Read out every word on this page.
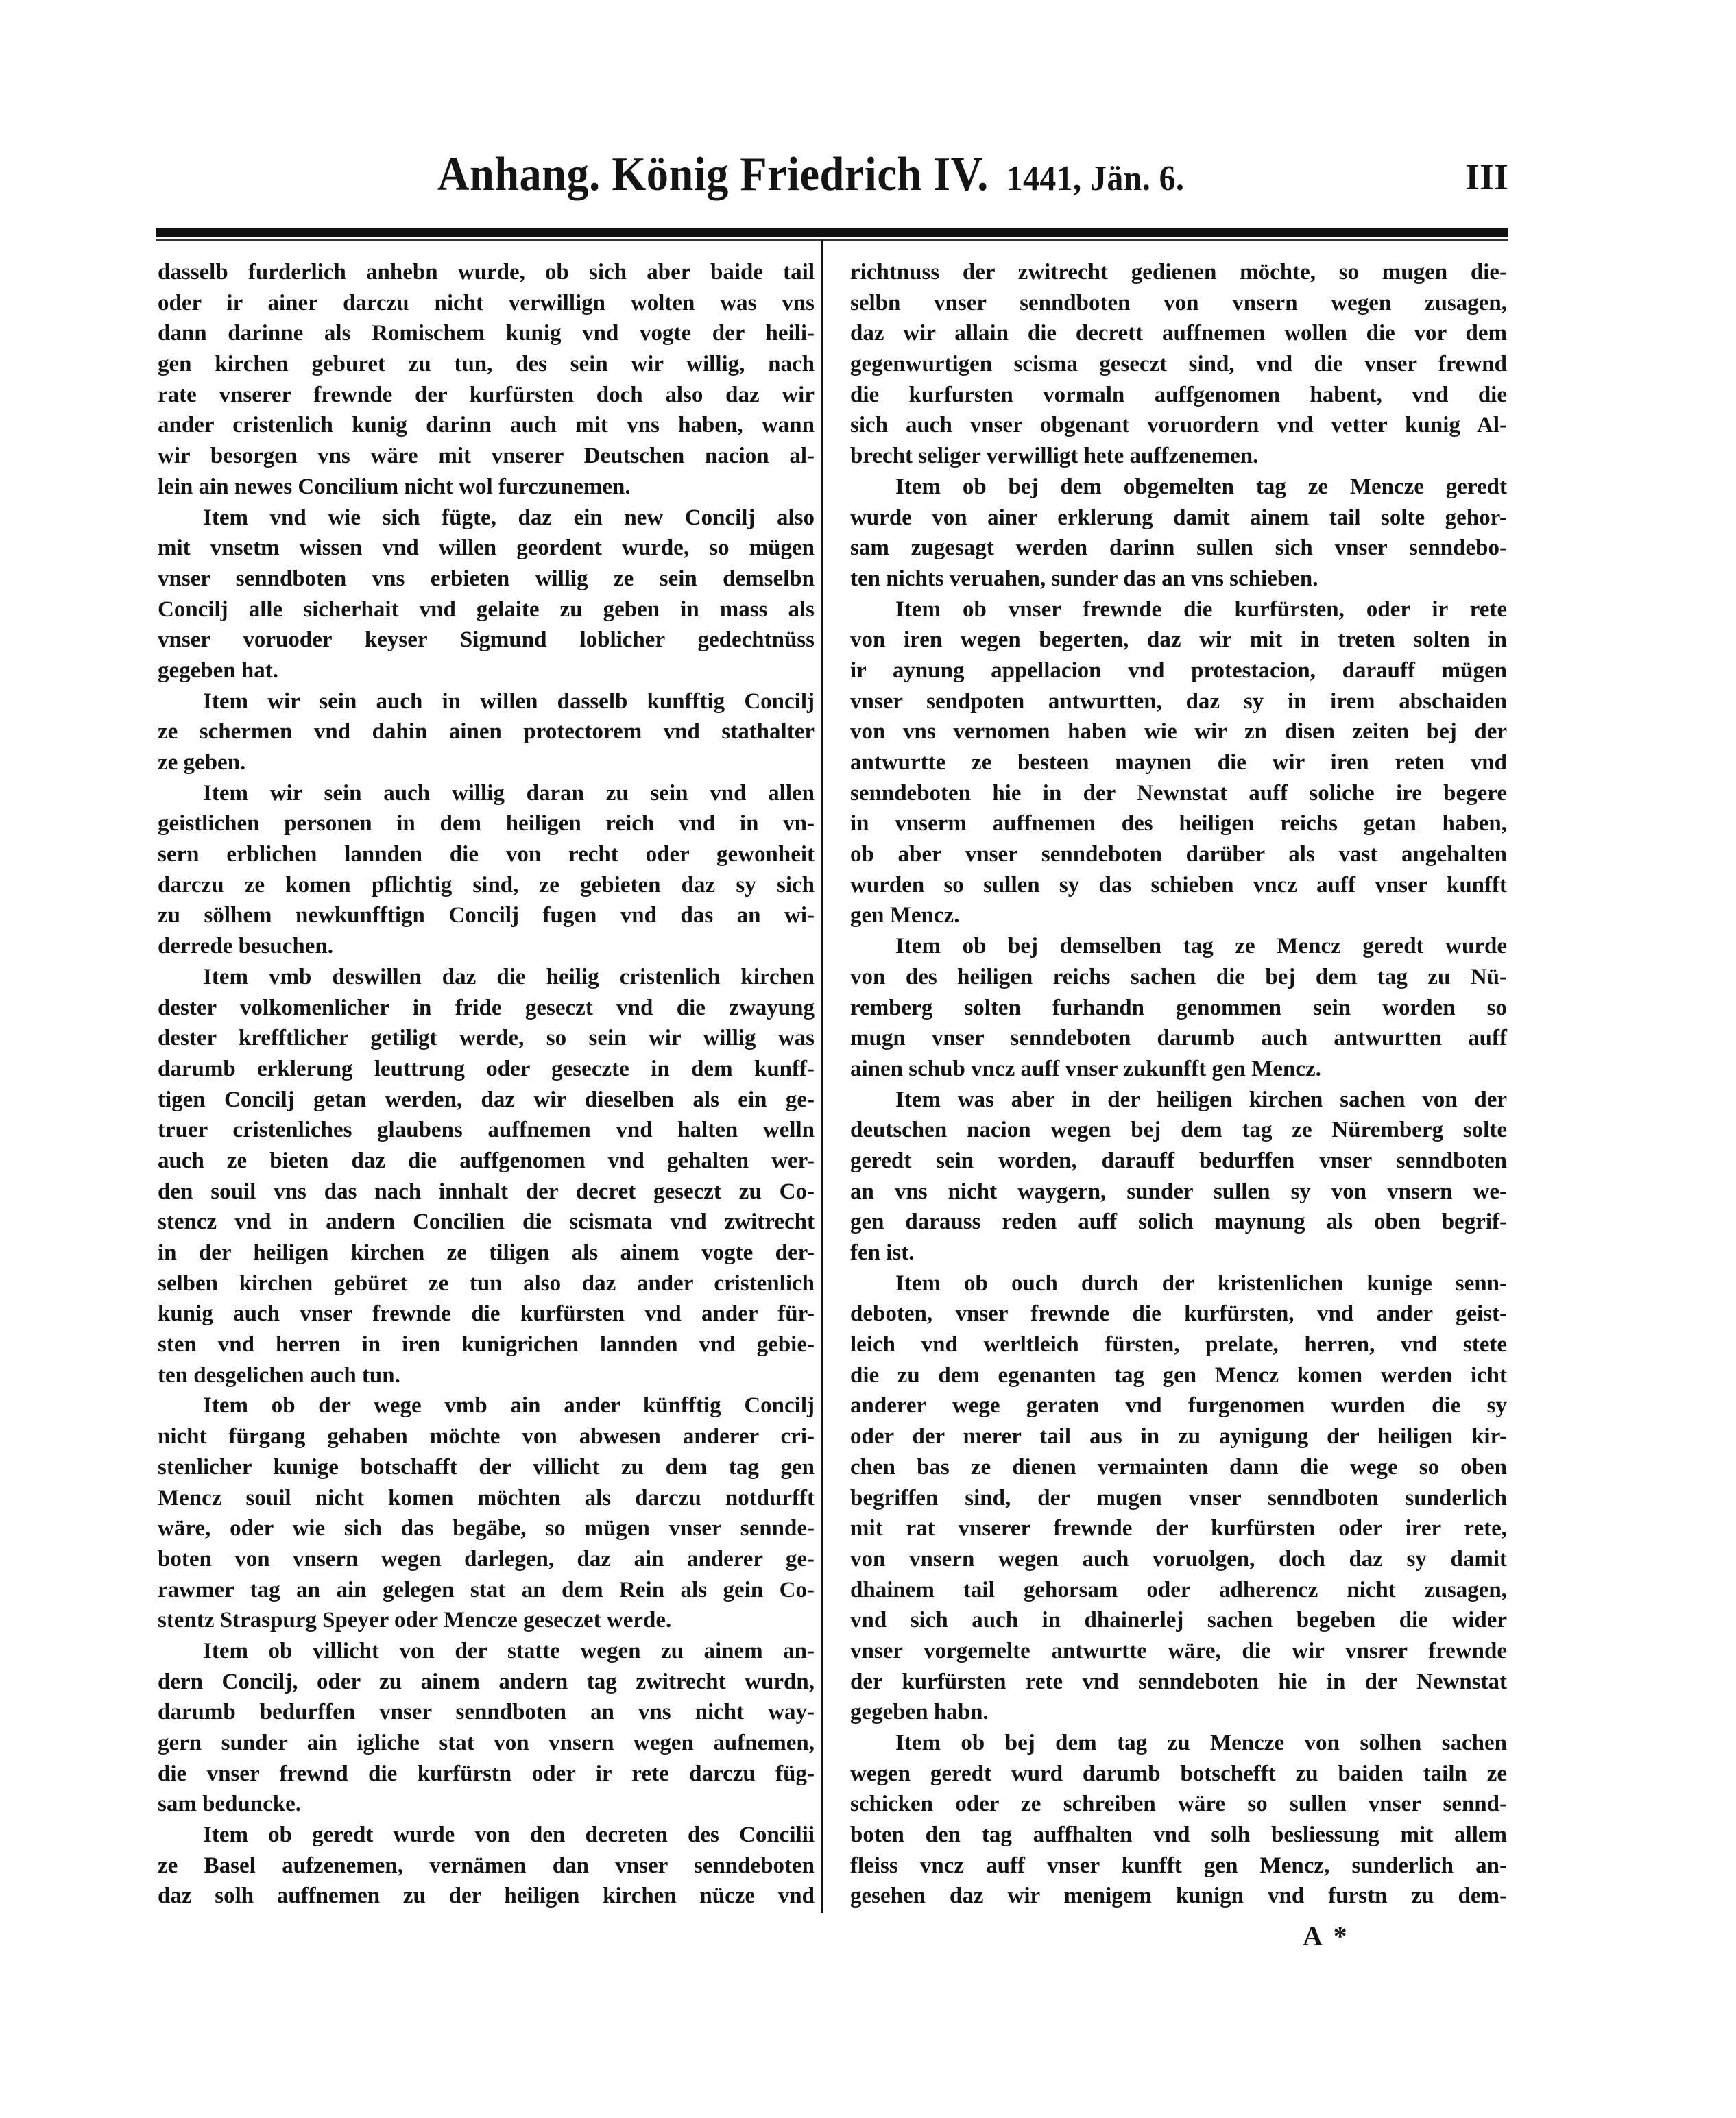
Anhang. König Friedrich IV. 1441, Jän. 6.	III

dasselb furderlich anhebn wurde, ob sich aber baide tail
oder ir ainer darczu nicht verwillign wolten was vns
dann darinne als Romischem kunig vnd vogte der heili-
gen kirchen geburet zu tun, des sein wir willig, nach
rate vnserer frewnde der kurfürsten doch also daz wir
ander cristenlich kunig darinn auch mit vns haben, wann
wir besorgen vns wäre mit vnserer Deutschen nacion al-
lein ain newes Concilium nicht wol furczunemen.

Item vnd wie sich fügte, daz ein new Concilj also
mit vnsetm wissen vnd willen geordent wurde, so mügen
vnser senndboten vns erbieten willig ze sein demselbn
Concilj alle sicherhait vnd gelaite zu geben in mass als
vnser voruoder keyser Sigmund loblicher gedechtnüss
gegeben hat.

Item wir sein auch in willen dasselb kunfftig Concilj
ze schermen vnd dahin ainen protectorem vnd stathalter
ze geben.

Item wir sein auch willig daran zu sein vnd allen
geistlichen personen in dem heiligen reich vnd in vn-
sern erblichen lannden die von recht oder gewonheit
darczu ze komen pflichtig sind, ze gebieten daz sy sich
zu sölhem newkunfftign Concilj fugen vnd das an wi-
derrede besuchen.

Item vmb deswillen daz die heilig cristenlich kirchen
dester volkomenlicher in fride geseczt vnd die zwayung
dester krefftlicher getiligt werde, so sein wir willig was
darumb erklerung leuttrung oder geseczte in dem kunff-
tigen Concilj getan werden, daz wir dieselben als ein ge-
truer cristenliches glaubens auffnemen vnd halten welln
auch ze bieten daz die auffgenomen vnd gehalten wer-
den souil vns das nach innhalt der decret geseczt zu Co-
stencz vnd in andern Concilien die scismata vnd zwitrecht
in der heiligen kirchen ze tiligen als ainem vogte der-
selben kirchen gebüret ze tun also daz ander cristenlich
kunig auch vnser frewnde die kurfürsten vnd ander für-
sten vnd herren in iren kunigrichen lannden vnd gebie-
ten desgelichen auch tun.

Item ob der wege vmb ain ander künfftig Concilj
nicht fürgang gehaben möchte von abwesen anderer cri-
stenlicher kunige botschafft der villicht zu dem tag gen
Mencz souil nicht komen möchten als darczu notdurfft
wäre, oder wie sich das begäbe, so mügen vnser sennde-
boten von vnsern wegen darlegen, daz ain anderer ge-
rawmer tag an ain gelegen stat an dem Rein als gein Co-
stentz Straspurg Speyer oder Mencze geseczet werde.

Item ob villicht von der statte wegen zu ainem an-
dern Concilj, oder zu ainem andern tag zwitrecht wurdn,
darumb bedurffen vnser senndboten an vns nicht way-
gern sunder ain igliche stat von vnsern wegen aufnemen,
die vnser frewnd die kurfürstn oder ir rete darczu füg-
sam beduncke.

Item ob geredt wurde von den decreten des Concilii
ze Basel aufzenemen, vernämen dan vnser senndeboten
daz solh auffnemen zu der heiligen kirchen nücze vnd

richtnuss der zwitrecht gedienen möchte, so mugen die-
selbn vnser senndboten von vnsern wegen zusagen,
daz wir allain die decrett auffnemen wollen die vor dem
gegenwurtigen scisma geseczt sind, vnd die vnser frewnd
die kurfursten vormaln auffgenomen habent, vnd die
sich auch vnser obgenant voruordern vnd vetter kunig Al-
brecht seliger verwilligt hete auffzenemen.

Item ob bej dem obgemelten tag ze Mencze geredt
wurde von ainer erklerung damit ainem tail solte gehor-
sam zugesagt werden darinn sullen sich vnser senndebo-
ten nichts veruahen, sunder das an vns schieben.

Item ob vnser frewnde die kurfürsten, oder ir rete
von iren wegen begerten, daz wir mit in treten solten in
ir aynung appellacion vnd protestacion, darauff mügen
vnser sendpoten antwurtten, daz sy in irem abschaiden
von vns vernomen haben wie wir zn disen zeiten bej der
antwurtte ze besteen maynen die wir iren reten vnd
senndeboten hie in der Newnstat auff soliche ire begere
in vnserm auffnemen des heiligen reichs getan haben,
ob aber vnser senndeboten darüber als vast angehalten
wurden so sullen sy das schieben vncz auff vnser kunfft
gen Mencz.

Item ob bej demselben tag ze Mencz geredt wurde
von des heiligen reichs sachen die bej dem tag zu Nü-
remberg solten furhandn genommen sein worden so
mugn vnser senndeboten darumb auch antwurtten auff
ainen schub vncz auff vnser zukunfft gen Mencz.

Item was aber in der heiligen kirchen sachen von der
deutschen nacion wegen bej dem tag ze Nüremberg solte
geredt sein worden, darauff bedurffen vnser senndboten
an vns nicht waygern, sunder sullen sy von vnsern we-
gen darauss reden auff solich maynung als oben begrif-
fen ist.

Item ob ouch durch der kristenlichen kunige senn-
deboten, vnser frewnde die kurfürsten, vnd ander geist-
leich vnd werltleich fürsten, prelate, herren, vnd stete
die zu dem egenanten tag gen Mencz komen werden icht
anderer wege geraten vnd furgenomen wurden die sy
oder der merer tail aus in zu aynigung der heiligen kir-
chen bas ze dienen vermainten dann die wege so oben
begriffen sind, der mugen vnser senndboten sunderlich
mit rat vnserer frewnde der kurfürsten oder irer rete,
von vnsern wegen auch voruolgen, doch daz sy damit
dhainem tail gehorsam oder adherencz nicht zusagen,
vnd sich auch in dhainerlej sachen begeben die wider
vnser vorgemelte antwurtte wäre, die wir vnsrer frewnde
der kurfürsten rete vnd senndeboten hie in der Newnstat
gegeben habn.

Item ob bej dem tag zu Mencze von solhen sachen
wegen geredt wurd darumb botschefft zu baiden tailn ze
schicken oder ze schreiben wäre so sullen vnser sennd-
boten den tag auffhalten vnd solh besliessung mit allem
fleiss vncz auff vnser kunfft gen Mencz, sunderlich an-
gesehen daz wir menigem kunign vnd furstn zu dem-

A *
